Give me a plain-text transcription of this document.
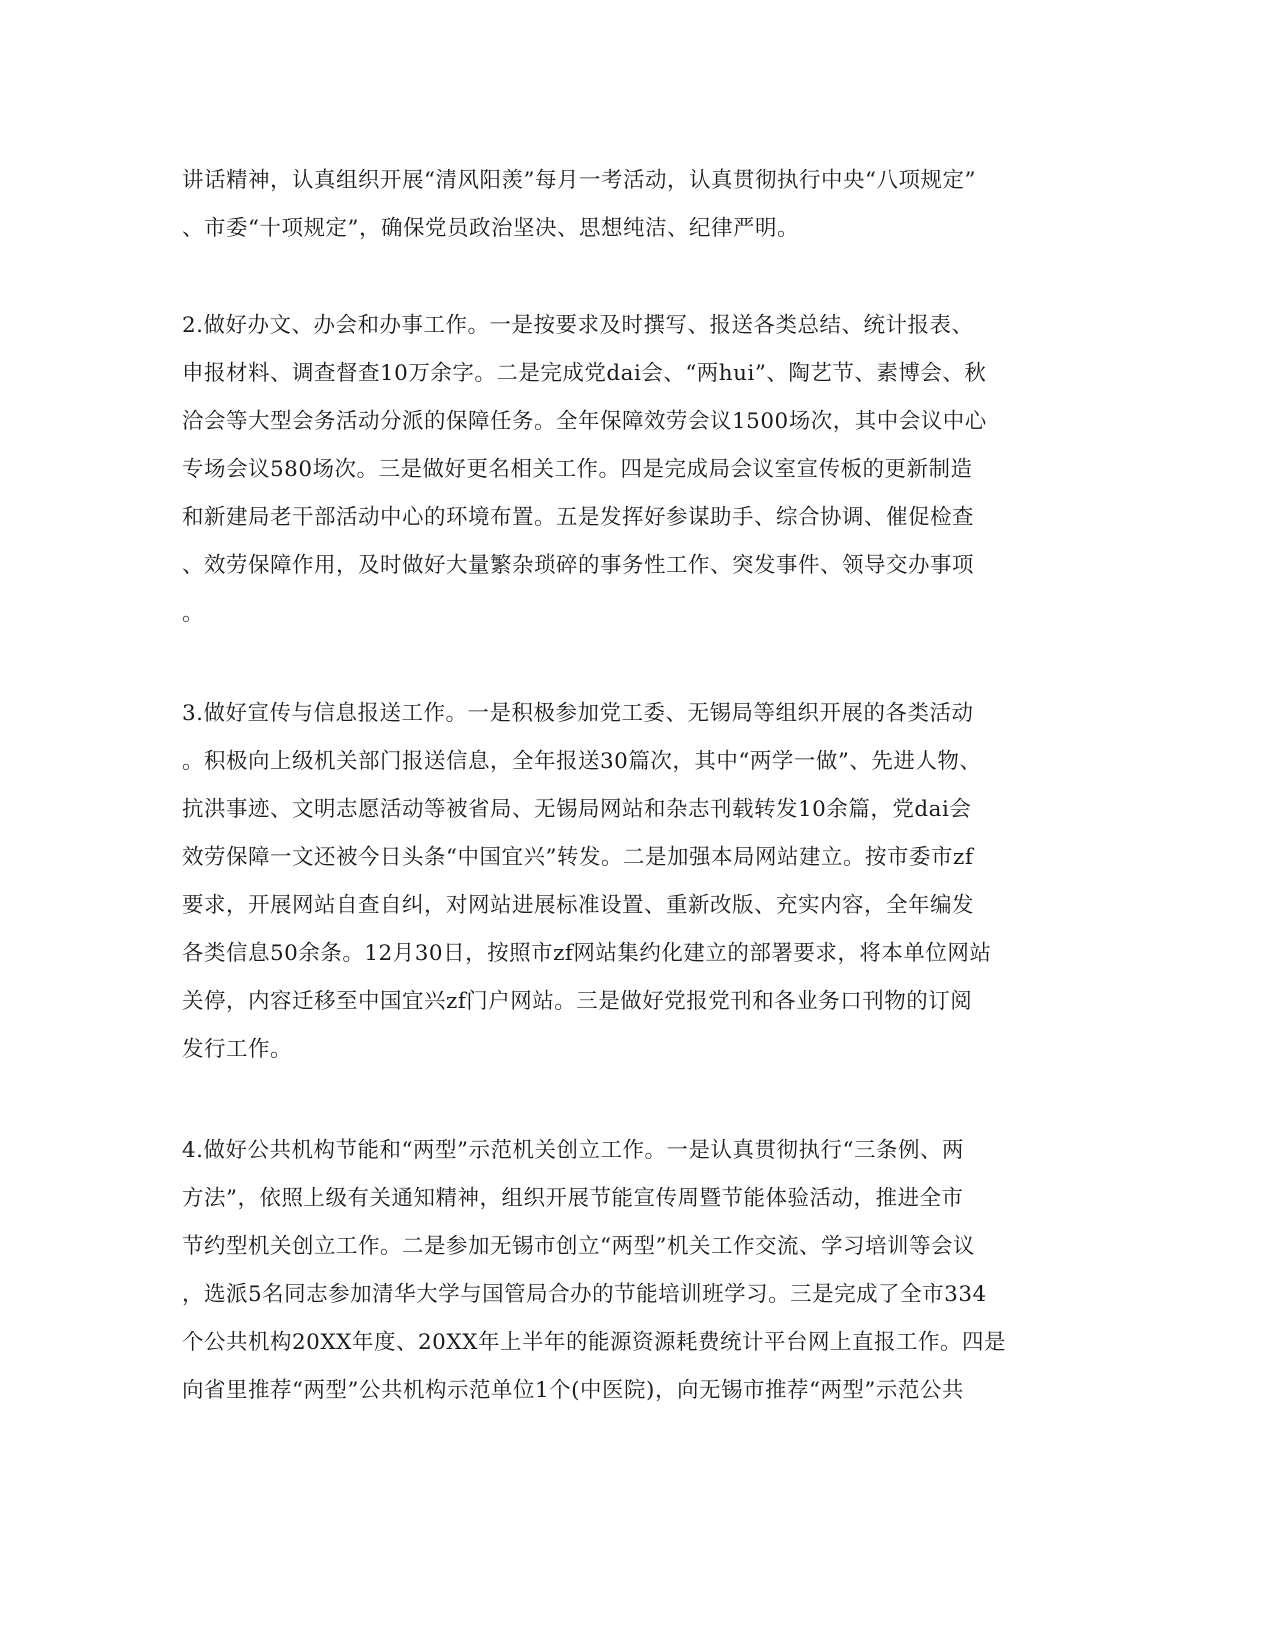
讲话精神，认真组织开展“清风阳羡”每月一考活动，认真贯彻执行中央“八项规定”
、市委“十项规定”，确保党员政治坚决、思想纯洁、纪律严明。
2.做好办文、办会和办事工作。一是按要求及时撰写、报送各类总结、统计报表、
申报材料、调查督查10万余字。二是完成党dai会、“两hui”、陶艺节、素博会、秋
洽会等大型会务活动分派的保障任务。全年保障效劳会议1500场次，其中会议中心
专场会议580场次。三是做好更名相关工作。四是完成局会议室宣传板的更新制造
和新建局老干部活动中心的环境布置。五是发挥好参谋助手、综合协调、催促检查
、效劳保障作用，及时做好大量繁杂琐碎的事务性工作、突发事件、领导交办事项
。
3.做好宣传与信息报送工作。一是积极参加党工委、无锡局等组织开展的各类活动
。积极向上级机关部门报送信息，全年报送30篇次，其中“两学一做”、先进人物、
抗洪事迹、文明志愿活动等被省局、无锡局网站和杂志刊载转发10余篇，党dai会
效劳保障一文还被今日头条“中国宜兴”转发。二是加强本局网站建立。按市委市zf
要求，开展网站自查自纠，对网站进展标准设置、重新改版、充实内容，全年编发
各类信息50余条。12月30日，按照市zf网站集约化建立的部署要求，将本单位网站
关停，内容迁移至中国宜兴zf门户网站。三是做好党报党刊和各业务口刊物的订阅
发行工作。
4.做好公共机构节能和“两型”示范机关创立工作。一是认真贯彻执行“三条例、两
方法”，依照上级有关通知精神，组织开展节能宣传周暨节能体验活动，推进全市
节约型机关创立工作。二是参加无锡市创立“两型”机关工作交流、学习培训等会议
，选派5名同志参加清华大学与国管局合办的节能培训班学习。三是完成了全市334
个公共机构20XX年度、20XX年上半年的能源资源耗费统计平台网上直报工作。四是
向省里推荐“两型”公共机构示范单位1个(中医院)，向无锡市推荐“两型”示范公共
